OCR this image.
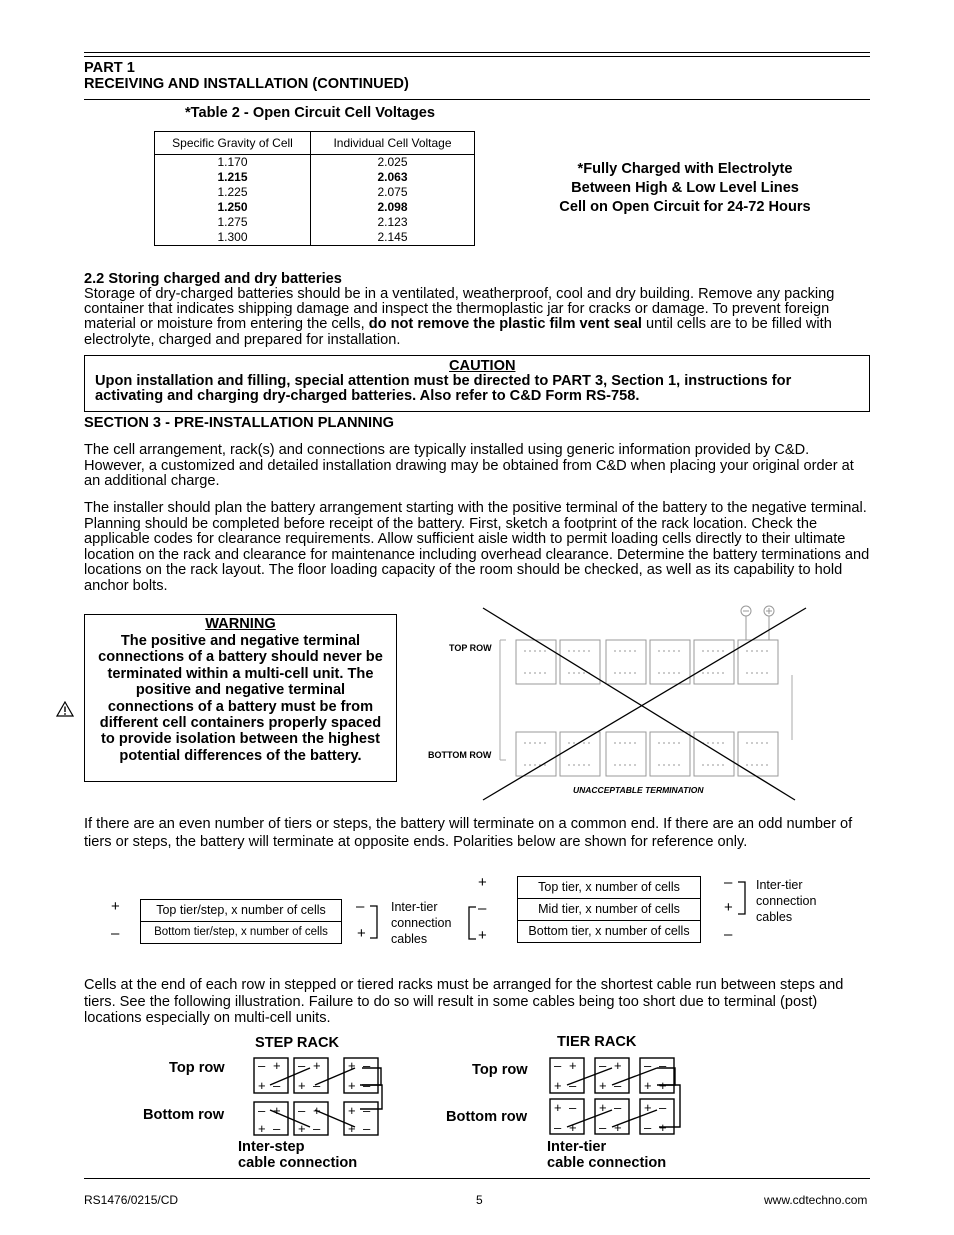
PART 1
RECEIVING AND INSTALLATION (CONTINUED)
*Table 2 - Open Circuit Cell Voltages
Specific Gravity of Cell	Individual Cell Voltage
1.170	2.025
1.215	2.063
1.225	2.075
1.250	2.098
1.275	2.123
1.300	2.145
*Fully Charged with Electrolyte
Between High & Low Level Lines
Cell on Open Circuit for 24-72 Hours
2.2 Storing charged and dry batteries
Storage of dry-charged batteries should be in a ventilated, weatherproof, cool and dry building. Remove any packing container that indicates shipping damage and inspect the thermoplastic jar for cracks or damage. To prevent foreign material or moisture from entering the cells, do not remove the plastic film vent seal until cells are to be filled with electrolyte, charged and prepared for installation.
CAUTION
Upon installation and filling, special attention must be directed to PART 3, Section 1, instructions for activating and charging dry-charged batteries. Also refer to C&D Form RS-758.
SECTION 3 - PRE-INSTALLATION PLANNING
The cell arrangement, rack(s) and connections are typically installed using generic information provided by C&D. However, a customized and detailed installation drawing may be obtained from C&D when placing your original order at an additional charge.
The installer should plan the battery arrangement starting with the positive terminal of the battery to the negative terminal. Planning should be completed before receipt of the battery. First, sketch a footprint of the rack location. Check the applicable codes for clearance requirements. Allow sufficient aisle width to permit loading cells directly to their ultimate location on the rack and clearance for maintenance including overhead clearance. Determine the battery terminations and locations on the rack layout. The floor loading capacity of the room should be checked, as well as its capability to hold anchor bolts.
WARNING
The positive and negative terminal connections of a battery should never be terminated within a multi-cell unit. The positive and negative terminal connections of a battery must be from different cell containers properly spaced to provide isolation between the highest potential differences of the battery.
TOP ROW
BOTTOM ROW
UNACCEPTABLE TERMINATION
If there are an even number of tiers or steps, the battery will terminate on a common end. If there are an odd number of tiers or steps, the battery will terminate at opposite ends. Polarities below are shown for reference only.
+
–
Top tier/step, x number of cells
Bottom tier/step, x number of cells
–
+
Inter-tier connection cables
+
–
+
Top tier, x number of cells
Mid tier, x number of cells
Bottom tier, x number of cells
–
+
–
Inter-tier connection cables
Cells at the end of each row in stepped or tiered racks must be arranged for the shortest cable run between steps and tiers. See the following illustration. Failure to do so will result in some cables being too short due to terminal (post) locations especially on multi-cell units.
STEP RACK
Top row
Bottom row
– +
+ –
– +
+ –
+ –
+ –
– +
+ –
– +
+ –
+ –
+ –
Inter-step
cable connection
TIER RACK
Top row
Bottom row
– +
+ –
– +
+ –
– –
+ +
+ –
– +
+ –
– +
+ –
– +
Inter-tier
cable connection
RS1476/0215/CD	5	www.cdtechno.com
